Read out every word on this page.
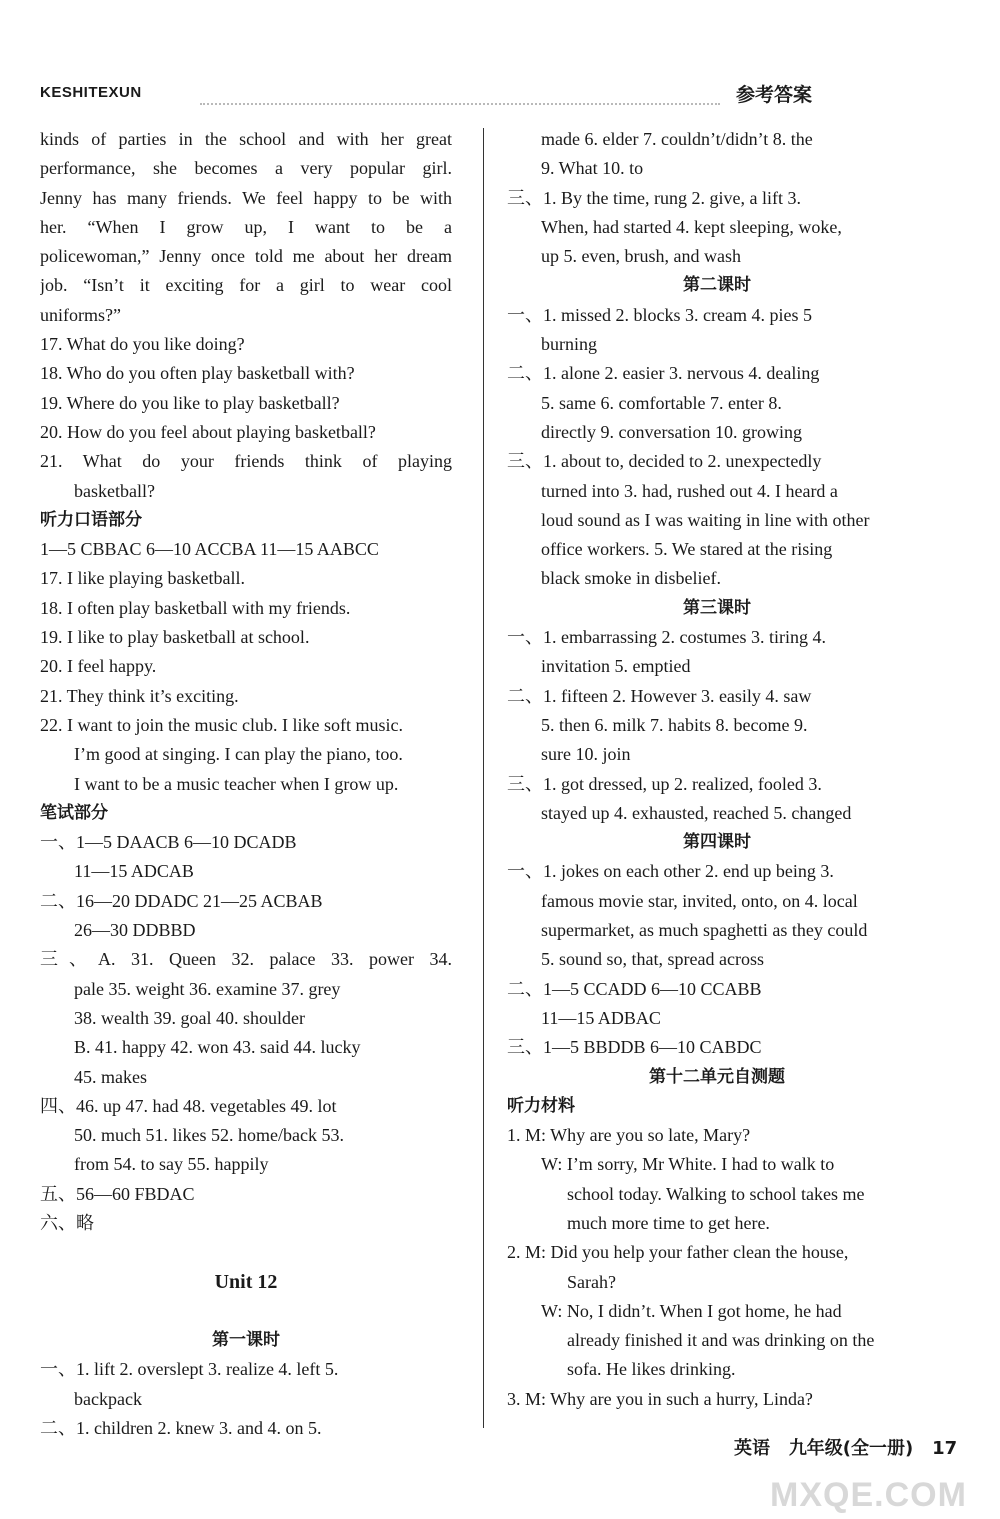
KESHITEXUN	参考答案
kinds of parties in the school and with her great
performance, she becomes a very popular girl.
Jenny has many friends. We feel happy to be with
her. “When I grow up, I want to be a
policewoman,” Jenny once told me about her dream
job. “Isn’t it exciting for a girl to wear cool
uniforms?”
17. What do you like doing?
18. Who do you often play basketball with?
19. Where do you like to play basketball?
20. How do you feel about playing basketball?
21. What do your friends think of playing
basketball?
听力口语部分
1—5 CBBAC 6—10 ACCBA 11—15 AABCC
17. I like playing basketball.
18. I often play basketball with my friends.
19. I like to play basketball at school.
20. I feel happy.
21. They think it’s exciting.
22. I want to join the music club. I like soft music.
I’m good at singing. I can play the piano, too.
I want to be a music teacher when I grow up.
笔试部分
一、1—5 DAACB 6—10 DCADB
11—15 ADCAB
二、16—20 DDADC 21—25 ACBAB
26—30 DDBBD
三、A. 31. Queen 32. palace 33. power 34.
pale 35. weight 36. examine 37. grey
38. wealth 39. goal 40. shoulder
B. 41. happy 42. won 43. said 44. lucky
45. makes
四、46. up 47. had 48. vegetables 49. lot
50. much 51. likes 52. home/back 53.
from 54. to say 55. happily
五、56—60 FBDAC
六、略
Unit 12
第一课时
一、1. lift 2. overslept 3. realize 4. left 5.
backpack
二、1. children 2. knew 3. and 4. on 5.
made 6. elder 7. couldn’t/didn’t 8. the
9. What 10. to
三、1. By the time, rung 2. give, a lift 3.
When, had started 4. kept sleeping, woke,
up 5. even, brush, and wash
第二课时
一、1. missed 2. blocks 3. cream 4. pies 5
burning
二、1. alone 2. easier 3. nervous 4. dealing
5. same 6. comfortable 7. enter 8.
directly 9. conversation 10. growing
三、1. about to, decided to 2. unexpectedly
turned into 3. had, rushed out 4. I heard a
loud sound as I was waiting in line with other
office workers. 5. We stared at the rising
black smoke in disbelief.
第三课时
一、1. embarrassing 2. costumes 3. tiring 4.
invitation 5. emptied
二、1. fifteen 2. However 3. easily 4. saw
5. then 6. milk 7. habits 8. become 9.
sure 10. join
三、1. got dressed, up 2. realized, fooled 3.
stayed up 4. exhausted, reached 5. changed
第四课时
一、1. jokes on each other 2. end up being 3.
famous movie star, invited, onto, on 4. local
supermarket, as much spaghetti as they could
5. sound so, that, spread across
二、1—5 CCADD 6—10 CCABB
11—15 ADBAC
三、1—5 BBDDB 6—10 CABDC
第十二单元自测题
听力材料
1. M: Why are you so late, Mary?
W: I’m sorry, Mr White. I had to walk to
school today. Walking to school takes me
much more time to get here.
2. M: Did you help your father clean the house,
Sarah?
W: No, I didn’t. When I got home, he had
already finished it and was drinking on the
sofa. He likes drinking.
3. M: Why are you in such a hurry, Linda?
英语 九年级(全一册) 17
MXQE.COM
